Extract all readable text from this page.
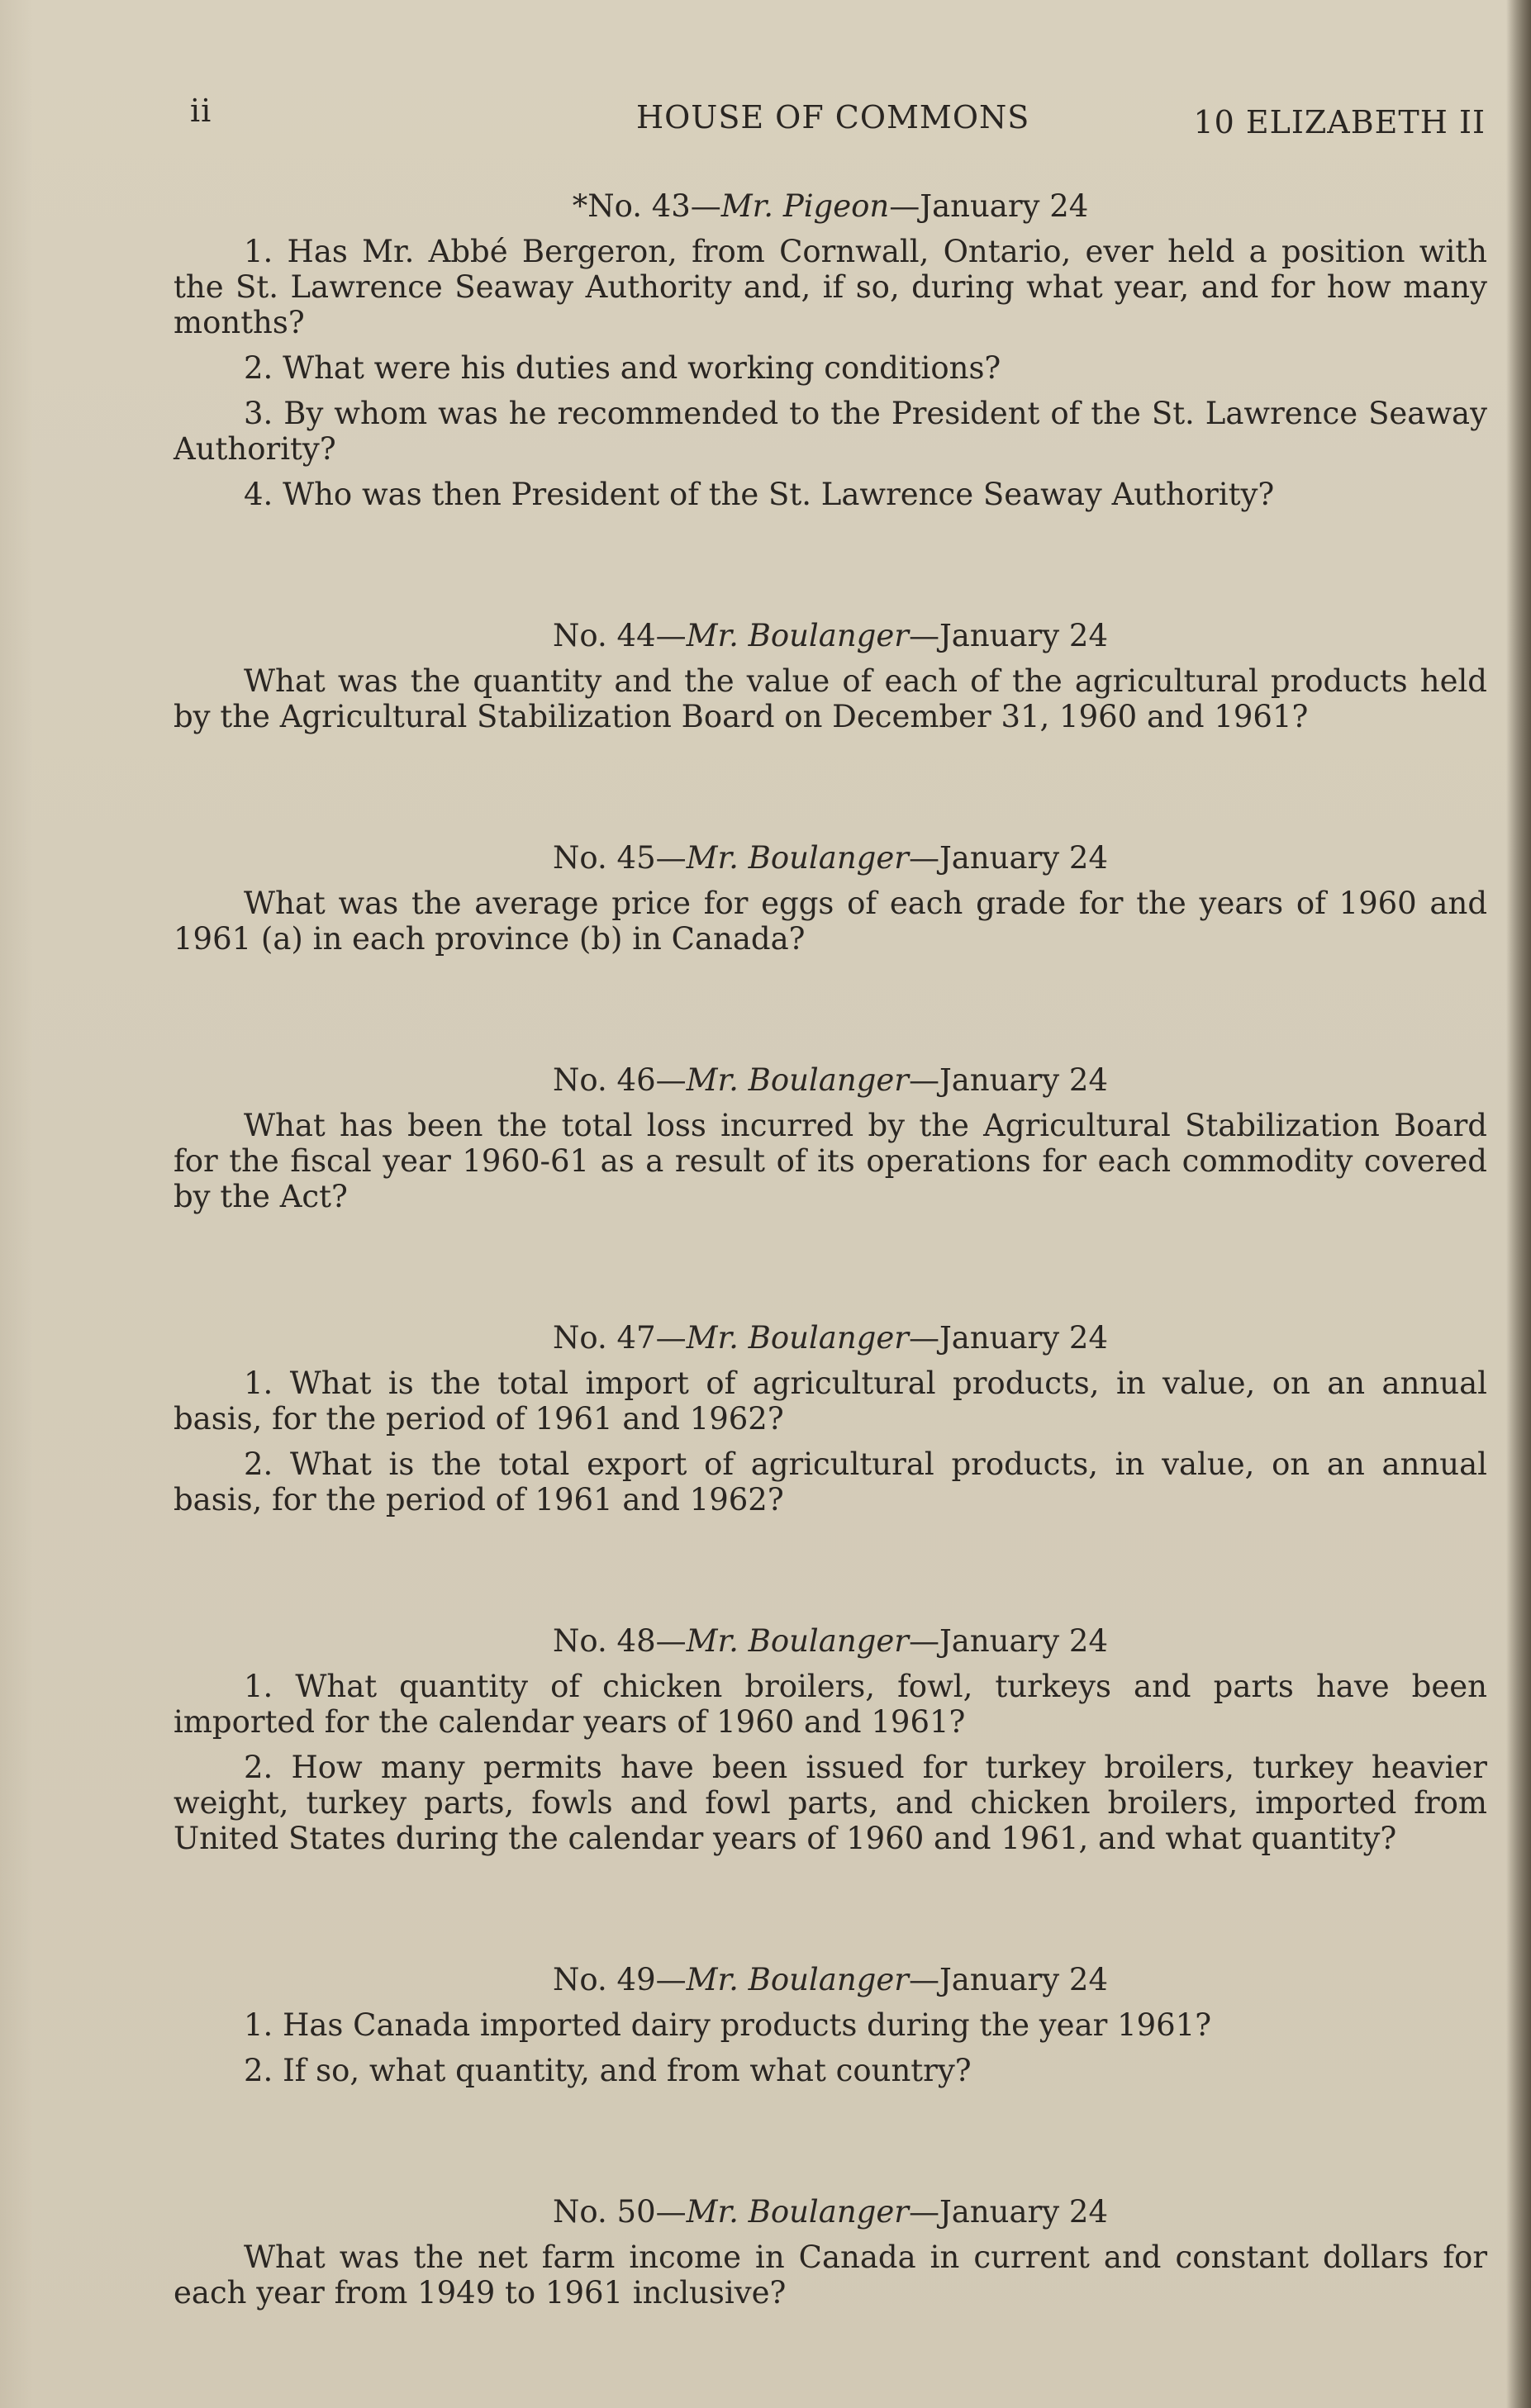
ii	HOUSE OF COMMONS	10 ELIZABETH II
*No. 43—Mr. Pigeon—January 24
1. Has Mr. Abbé Bergeron, from Cornwall, Ontario, ever held a position with the St. Lawrence Seaway Authority and, if so, during what year, and for how many months?
2. What were his duties and working conditions?
3. By whom was he recommended to the President of the St. Lawrence Seaway Authority?
4. Who was then President of the St. Lawrence Seaway Authority?
No. 44—Mr. Boulanger—January 24
What was the quantity and the value of each of the agricultural products held by the Agricultural Stabilization Board on December 31, 1960 and 1961?
No. 45—Mr. Boulanger—January 24
What was the average price for eggs of each grade for the years of 1960 and 1961 (a) in each province (b) in Canada?
No. 46—Mr. Boulanger—January 24
What has been the total loss incurred by the Agricultural Stabilization Board for the fiscal year 1960-61 as a result of its operations for each commodity covered by the Act?
No. 47—Mr. Boulanger—January 24
1. What is the total import of agricultural products, in value, on an annual basis, for the period of 1961 and 1962?
2. What is the total export of agricultural products, in value, on an annual basis, for the period of 1961 and 1962?
No. 48—Mr. Boulanger—January 24
1. What quantity of chicken broilers, fowl, turkeys and parts have been imported for the calendar years of 1960 and 1961?
2. How many permits have been issued for turkey broilers, turkey heavier weight, turkey parts, fowls and fowl parts, and chicken broilers, imported from United States during the calendar years of 1960 and 1961, and what quantity?
No. 49—Mr. Boulanger—January 24
1. Has Canada imported dairy products during the year 1961?
2. If so, what quantity, and from what country?
No. 50—Mr. Boulanger—January 24
What was the net farm income in Canada in current and constant dollars for each year from 1949 to 1961 inclusive?
